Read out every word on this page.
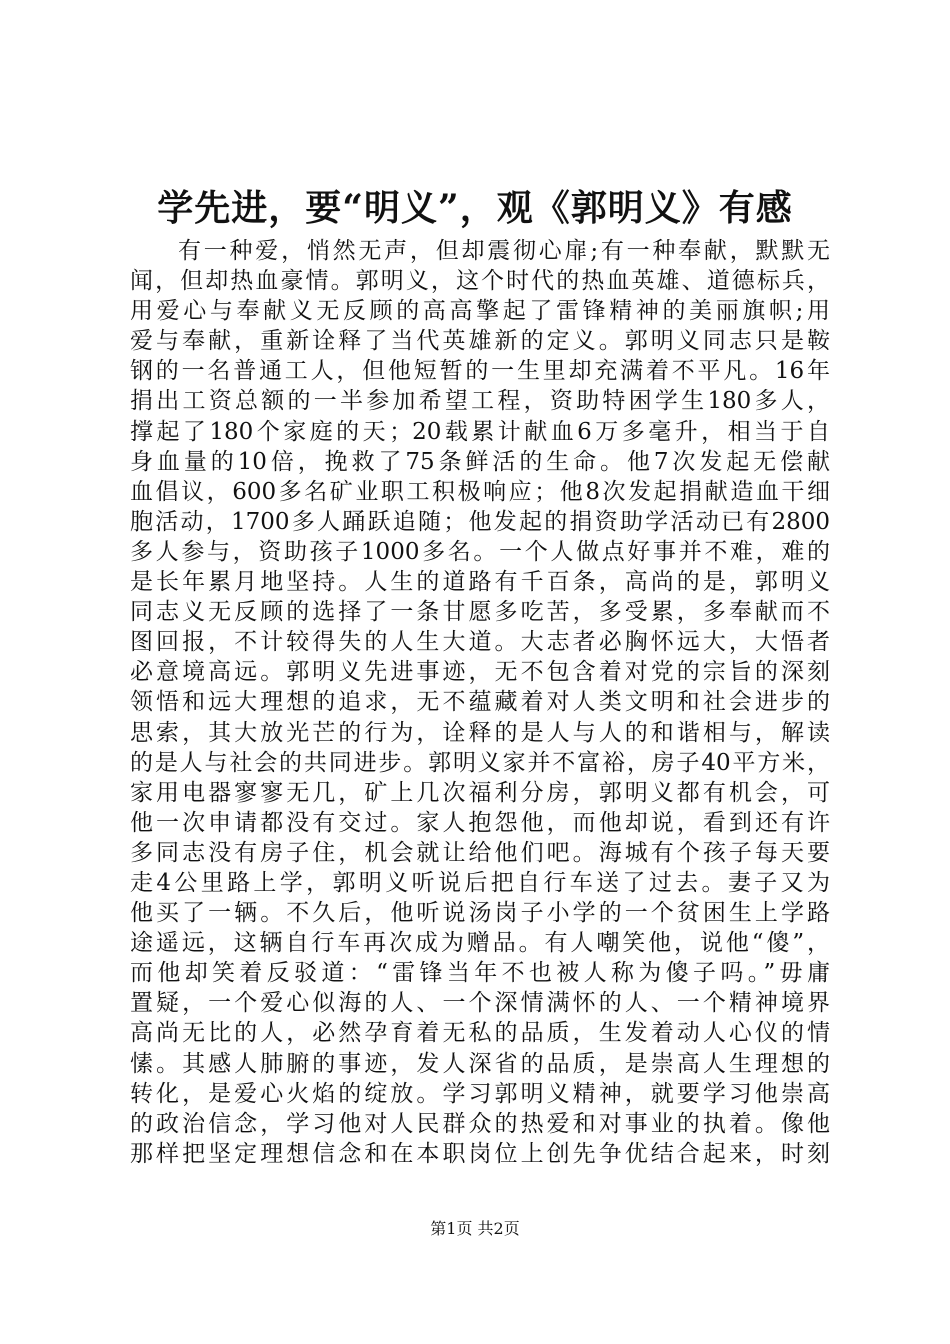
学先进，要“明义”，观《郭明义》有感
有一种爱，悄然无声，但却震彻心扉;有一种奉献，默默无
闻，但却热血豪情。郭明义，这个时代的热血英雄、道德标兵，
用爱心与奉献义无反顾的高高擎起了雷锋精神的美丽旗帜;用
爱与奉献，重新诠释了当代英雄新的定义。郭明义同志只是鞍
钢的一名普通工人，但他短暂的一生里却充满着不平凡。16年
捐出工资总额的一半参加希望工程，资助特困学生180多人，
撑起了180个家庭的天；20载累计献血6万多毫升，相当于自
身血量的10倍，挽救了75条鲜活的生命。他7次发起无偿献
血倡议，600多名矿业职工积极响应；他8次发起捐献造血干细
胞活动，1700多人踊跃追随；他发起的捐资助学活动已有2800
多人参与，资助孩子1000多名。一个人做点好事并不难，难的
是长年累月地坚持。人生的道路有千百条，高尚的是，郭明义
同志义无反顾的选择了一条甘愿多吃苦，多受累，多奉献而不
图回报，不计较得失的人生大道。大志者必胸怀远大，大悟者
必意境高远。郭明义先进事迹，无不包含着对党的宗旨的深刻
领悟和远大理想的追求，无不蕴藏着对人类文明和社会进步的
思索，其大放光芒的行为，诠释的是人与人的和谐相与，解读
的是人与社会的共同进步。郭明义家并不富裕，房子40平方米，
家用电器寥寥无几，矿上几次福利分房，郭明义都有机会，可
他一次申请都没有交过。家人抱怨他，而他却说，看到还有许
多同志没有房子住，机会就让给他们吧。海城有个孩子每天要
走4公里路上学，郭明义听说后把自行车送了过去。妻子又为
他买了一辆。不久后，他听说汤岗子小学的一个贫困生上学路
途遥远，这辆自行车再次成为赠品。有人嘲笑他，说他“傻”，
而他却笑着反驳道：“雷锋当年不也被人称为傻子吗。”毋庸
置疑，一个爱心似海的人、一个深情满怀的人、一个精神境界
高尚无比的人，必然孕育着无私的品质，生发着动人心仪的情
愫。其感人肺腑的事迹，发人深省的品质，是崇高人生理想的
转化，是爱心火焰的绽放。学习郭明义精神，就要学习他崇高
的政治信念，学习他对人民群众的热爱和对事业的执着。像他
那样把坚定理想信念和在本职岗位上创先争优结合起来，时刻
第1页 共2页
